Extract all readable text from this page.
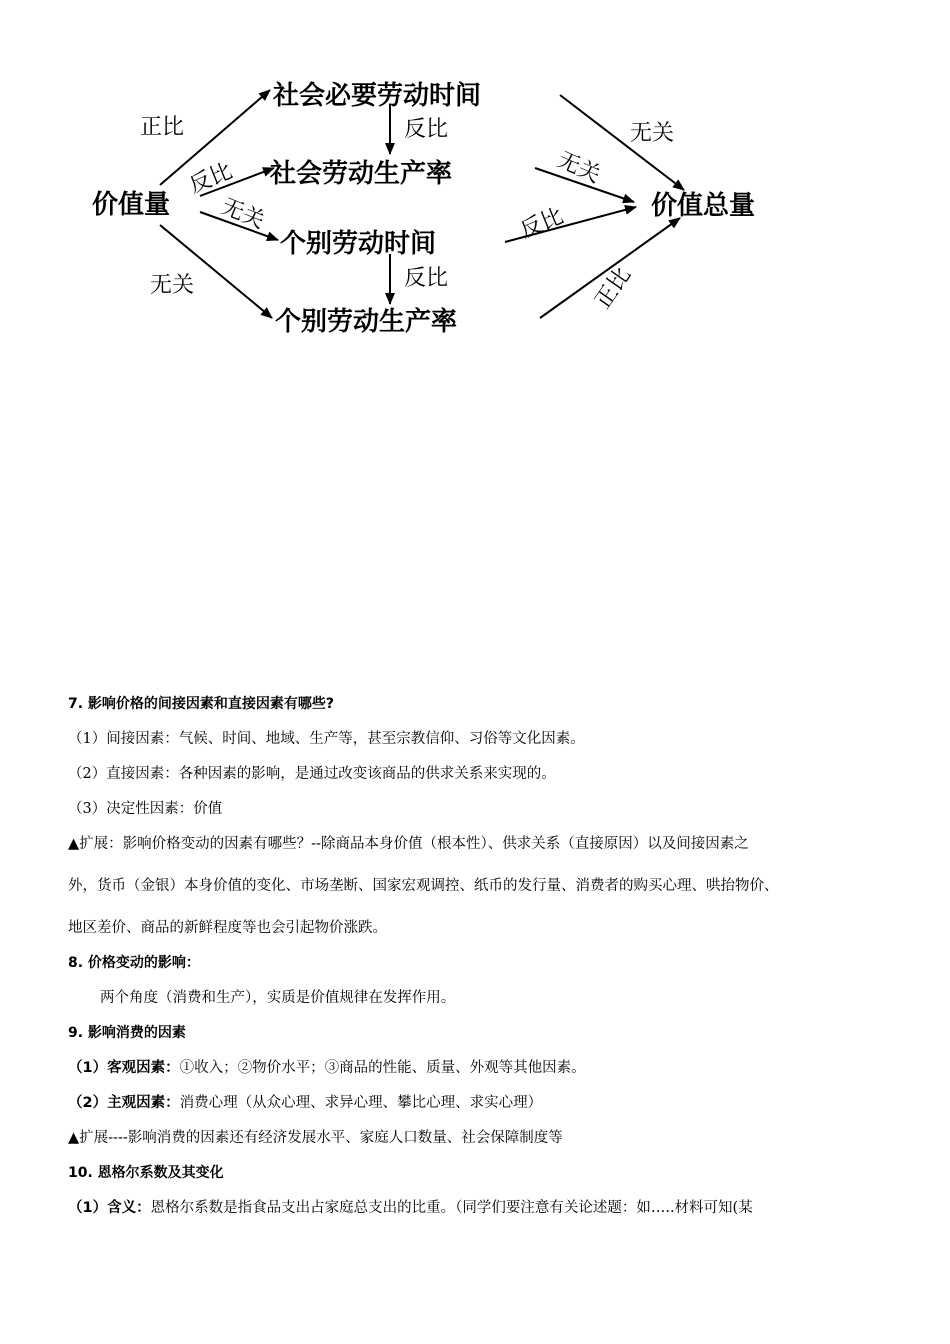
价值量
社会必要劳动时间
社会劳动生产率
个别劳动时间
个别劳动生产率
价值总量
正比
反比
无关
无关
反比
反比
无关
无关
反比
正比
7. 影响价格的间接因素和直接因素有哪些?
（1）间接因素：气候、时间、地域、生产等，甚至宗教信仰、习俗等文化因素。
（2）直接因素：各种因素的影响，是通过改变该商品的供求关系来实现的。
（3）决定性因素：价值
▲扩展：影响价格变动的因素有哪些？--除商品本身价值（根本性）、供求关系（直接原因）以及间接因素之
外，货币（金银）本身价值的变化、市场垄断、国家宏观调控、纸币的发行量、消费者的购买心理、哄抬物价、
地区差价、商品的新鲜程度等也会引起物价涨跌。
8. 价格变动的影响：
两个角度（消费和生产），实质是价值规律在发挥作用。
9. 影响消费的因素
（1）客观因素：①收入；②物价水平；③商品的性能、质量、外观等其他因素。
（2）主观因素：消费心理（从众心理、求异心理、攀比心理、求实心理）
▲扩展----影响消费的因素还有经济发展水平、家庭人口数量、社会保障制度等
10. 恩格尔系数及其变化
（1）含义：恩格尔系数是指食品支出占家庭总支出的比重。（同学们要注意有关论述题：如…..材料可知(某
